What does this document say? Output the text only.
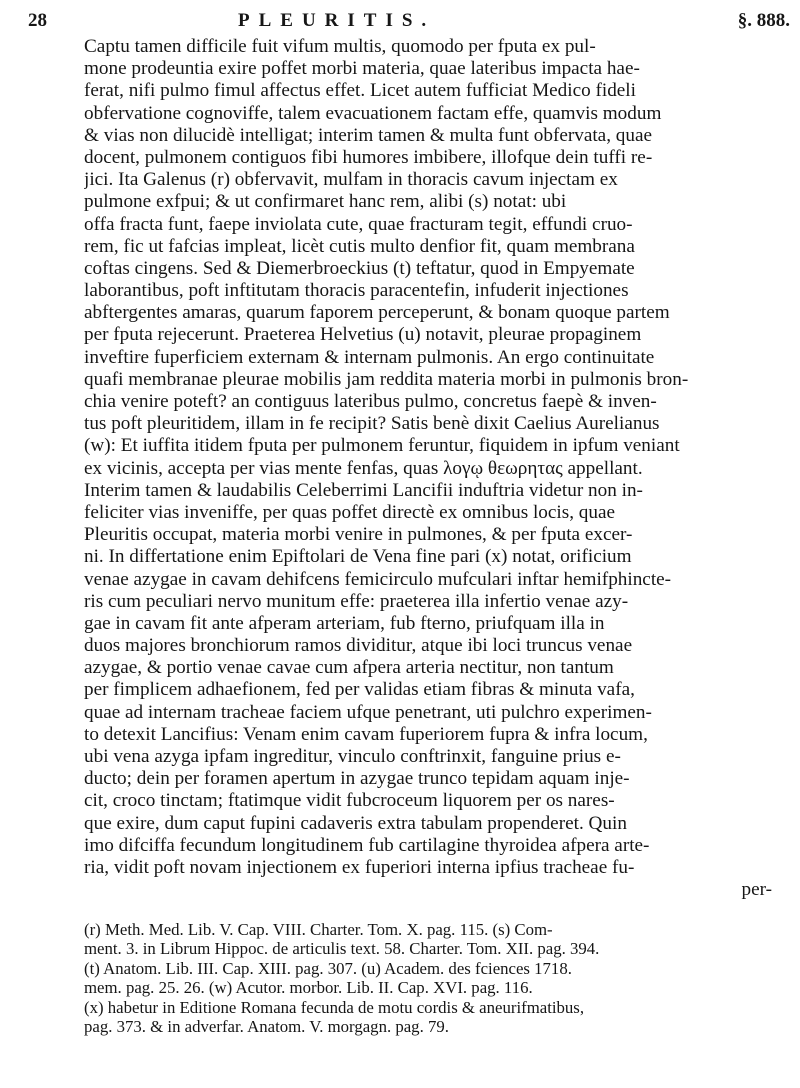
28	PLEURITIS.	§. 888.
Captu tamen difficile fuit vifum multis, quomodo per fputa ex pul-
mone prodeuntia exire poffet morbi materia, quae lateribus impacta hae-
ferat, nifi pulmo fimul affectus effet. Licet autem fufficiat Medico fideli
obfervatione cognoviffe, talem evacuationem factam effe, quamvis modum
& vias non dilucidè intelligat; interim tamen & multa funt obfervata, quae
docent, pulmonem contiguos fibi humores imbibere, illofque dein tuffi re-
jici. Ita Galenus (r) obfervavit, mulfam in thoracis cavum injectam ex
pulmone exfpui; & ut confirmaret hanc rem, alibi (s) notat: ubi
offa fracta funt, faepe inviolata cute, quae fracturam tegit, effundi cruo-
rem, fic ut fafcias impleat, licèt cutis multo denfior fit, quam membrana
coftas cingens. Sed & Diemerbroeckius (t) teftatur, quod in Empyemate
laborantibus, poft inftitutam thoracis paracentefin, infuderit injectiones
abftergentes amaras, quarum faporem perceperunt, & bonam quoque partem
per fputa rejecerunt. Praeterea Helvetius (u) notavit, pleurae propaginem
inveftire fuperficiem externam & internam pulmonis. An ergo continuitate
quafi membranae pleurae mobilis jam reddita materia morbi in pulmonis bron-
chia venire poteft? an contiguus lateribus pulmo, concretus faepè & inven-
tus poft pleuritidem, illam in fe recipit? Satis benè dixit Caelius Aurelianus
(w): Et iuffita itidem fputa per pulmonem feruntur, fiquidem in ipfum veniant
ex vicinis, accepta per vias mente fenfas, quas λογῳ θεωρητας appellant.
Interim tamen & laudabilis Celeberrimi Lancifii induftria videtur non in-
feliciter vias inveniffe, per quas poffet directè ex omnibus locis, quae
Pleuritis occupat, materia morbi venire in pulmones, & per fputa excer-
ni. In differtatione enim Epiftolari de Vena fine pari (x) notat, orificium
venae azygae in cavam dehifcens femicirculo mufculari inftar hemifphincte-
ris cum peculiari nervo munitum effe: praeterea illa infertio venae azy-
gae in cavam fit ante afperam arteriam, fub fterno, priufquam illa in
duos majores bronchiorum ramos dividitur, atque ibi loci truncus venae
azygae, & portio venae cavae cum afpera arteria nectitur, non tantum
per fimplicem adhaefionem, fed per validas etiam fibras & minuta vafa,
quae ad internam tracheae faciem ufque penetrant, uti pulchro experimen-
to detexit Lancifius: Venam enim cavam fuperiorem fupra & infra locum,
ubi vena azyga ipfam ingreditur, vinculo conftrinxit, fanguine prius e-
ducto; dein per foramen apertum in azygae trunco tepidam aquam inje-
cit, croco tinctam; ftatimque vidit fubcroceum liquorem per os nares-
que exire, dum caput fupini cadaveris extra tabulam propenderet. Quin
imo difciffa fecundum longitudinem fub cartilagine thyroidea afpera arte-
ria, vidit poft novam injectionem ex fuperiori interna ipfius tracheae fu-
per-
(r) Meth. Med. Lib. V. Cap. VIII. Charter. Tom. X. pag. 115. (s) Com-
ment. 3. in Librum Hippoc. de articulis text. 58. Charter. Tom. XII. pag. 394.
(t) Anatom. Lib. III. Cap. XIII. pag. 307. (u) Academ. des fciences 1718.
mem. pag. 25. 26. (w) Acutor. morbor. Lib. II. Cap. XVI. pag. 116.
(x) habetur in Editione Romana fecunda de motu cordis & aneurifmatibus,
pag. 373. & in adverfar. Anatom. V. morgagn. pag. 79.
